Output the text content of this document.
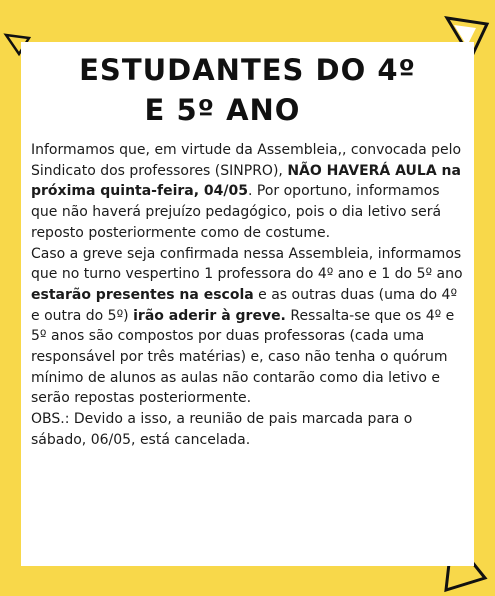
ESTUDANTES DO 4º
E 5º ANO

Informamos que, em virtude da Assembleia,, convocada pelo Sindicato dos professores (SINPRO), NÃO HAVERÁ AULA na próxima quinta-feira, 04/05. Por oportuno, informamos que não haverá prejuízo pedagógico, pois o dia letivo será reposto posteriormente como de costume.

Caso a greve seja confirmada nessa Assembleia, informamos que no turno vespertino 1 professora do 4º ano e 1 do 5º ano estarão presentes na escola e as outras duas (uma do 4º e outra do 5º) irão aderir à greve. Ressalta-se que os 4º e 5º anos são compostos por duas professoras (cada uma responsável por três matérias) e, caso não tenha o quórum mínimo de alunos as aulas não contarão como dia letivo e serão repostas posteriormente.

OBS.: Devido a isso, a reunião de pais marcada para o sábado, 06/05, está cancelada.
